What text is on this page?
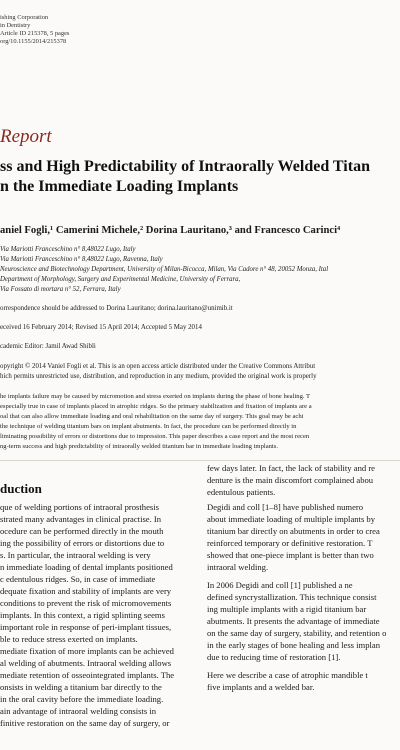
ishing Corporation
in Dentistry
Article ID 215378, 5 pages
org/10.1155/2014/215378
Report
ss and High Predictability of Intraorally Welded Titan
n the Immediate Loading Implants
aniel Fogli,¹ Camerini Michele,² Dorina Lauritano,³ and Francesco Carinci⁴
Via Mariotti Franceschino n° 8,48022 Lugo, Italy
Via Mariotti Franceschino n° 8,48022 Lugo, Ravenna, Italy
Neuroscience and Biotechnology Department, University of Milan-Bicocca, Milan, Via Cadore n° 48, 20052 Monza, Ital
Department of Morphology, Surgery and Experimental Medicine, University of Ferrara,
Via Fossato di mortara n° 52, Ferrara, Italy
orrespondence should be addressed to Dorina Lauritano; dorina.lauritano@unimib.it
eceived 16 February 2014; Revised 15 April 2014; Accepted 5 May 2014
cademic Editor: Jamil Awad Shibli
opyright © 2014 Vaniel Fogli et al. This is an open access article distributed under the Creative Commons Attribut
hich permits unrestricted use, distribution, and reproduction in any medium, provided the original work is properly
he implants failure may be caused by micromotion and stress exerted on implants during the phase of bone healing. T
especially true in case of implants placed in atrophic ridges. So the primary stabilization and fixation of implants are a
oal that can also allow immediate loading and oral rehabilitation on the same day of surgery. This goal may be achi
the technique of welding titanium bars on implant abutments. In fact, the procedure can be performed directly in
liminating possibility of errors or distortions due to impression. This paper describes a case report and the most recen
ng-term success and high predictability of intraorally welded titanium bar in immediate loading implants.
duction
que of welding portions of intraoral prosthesis
strated many advantages in clinical practise. In
ocedure can be performed directly in the mouth
ing the possibility of errors or distortions due to
s. In particular, the intraoral welding is very
n immediate loading of dental implants positioned
c edentulous ridges. So, in case of immediate
dequate fixation and stability of implants are very
conditions to prevent the risk of micromovements
implants. In this context, a rigid splinting seems
important role in response of peri-implant tissues,
ble to reduce stress exerted on implants.
mediate fixation of more implants can be achieved
al welding of abutments. Intraoral welding allows
mediate retention of osseointegrated implants. The
onsists in welding a titanium bar directly to the
in the oral cavity before the immediate loading.
ain advantage of intraoral welding consists in
finitive restoration on the same day of surgery, or
few days later. In fact, the lack of stability and re
denture is the main discomfort complained abou
edentulous patients.
Degidi and coll [1–8] have published numero
about immediate loading of multiple implants by
titanium bar directly on abutments in order to crea
reinforced temporary or definitive restoration. T
showed that one-piece implant is better than two
intraoral welding.
In 2006 Degidi and coll [1] published a ne
defined syncrystallization. This technique consist
ing multiple implants with a rigid titanium bar
abutments. It presents the advantage of immediate
on the same day of surgery, stability, and retention o
in the early stages of bone healing and less implan
due to reducing time of restoration [1].
Here we describe a case of atrophic mandible t
five implants and a welded bar.
